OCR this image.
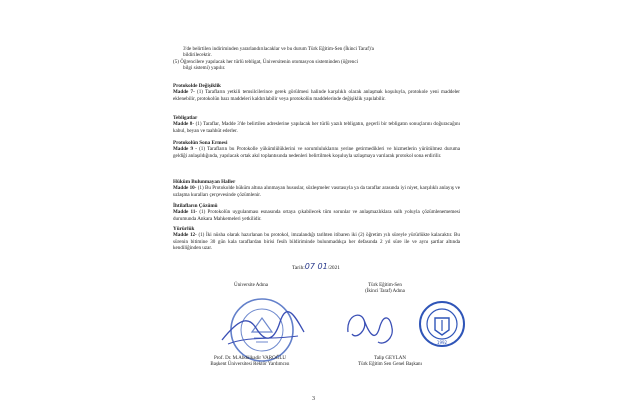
3'de belirtilen indiriminden yararlandırılacaklar ve bu durum Türk Eğitim-Sen (İkinci Taraf)'a

bildirilecektir.

(5) Öğrencilere yapılacak her türlü tebligat, Üniversitenin otomasyon sisteminden (öğrenci

bilgi sistemi) yapılır.

Protokolde Değişiklik

Madde 7- (1) Tarafların yetkili temsilcilerince gerek görülmesi halinde karşılıklı olarak anlaşmak koşuluyla, protokole yeni maddeler eklenebilir, protokolün bazı maddeleri kaldırılabilir veya protokolün maddelerinde değişiklik yapılabilir.

Tebligatlar

Madde 8- (1) Taraflar, Madde 3'de belirtilen adreslerine yapılacak her türlü yazılı tebligatın, geçerli bir tebligatın sonuçlarını doğuracağını kabul, beyan ve taahhüt ederler.

Protokolün Sona Ermesi

Madde 9 - (1) Tarafların bu Protokolle yükümlülüklerini ve sorumluluklarını yerine getirmedikleri ve hizmetlerin yürütülmez duruma geldiği anlaşıldığında, yapılacak ortak akıl toplantısında nedenleri belirtilmek koşuluyla uzlaşmaya varılarak protokol sona erdirilir.

Hüküm Bulunmayan Haller

Madde 10- (1) Bu Protokolde hüküm altına alınmayan hususlar, sözleşmeler vasıtasıyla ya da taraflar arasında iyi niyet, karşılıklı anlayış ve uzlaşma kuralları çerçevesinde çözümlenir.

İhtilafların Çözümü

Madde 11- (1) Protokolün uygulanması esnasında ortaya çıkabilecek tüm sorunlar ve anlaşmazlıklara sulh yoluyla çözümlenememesi durumunda Ankara Mahkemeleri yetkilidir.

Yürürlük

Madde 12- (1) İki nüsha olarak hazırlanan bu protokol, imzalandığı tarihten itibaren iki (2) öğretim yılı süreyle yürürlükte kalacaktır. Bu sürenin bitimine 30 gün kala taraflardan birisi fesih bildiriminde bulunmadıkça her defasında 2 yıl süre ile ve aynı şartlar altında kendiliğinden uzar.

Tarih:07 01/2021
Üniversite Adına
Prof. Dr. M.Abdülkadir VAROĞLU
Başkent Üniversitesi Rektör Yardımcısı
Türk Eğitim-Sen
(İkinci Taraf) Adına
1992
Talip GEYLAN
Türk Eğitim Sen Genel Başkanı
3
